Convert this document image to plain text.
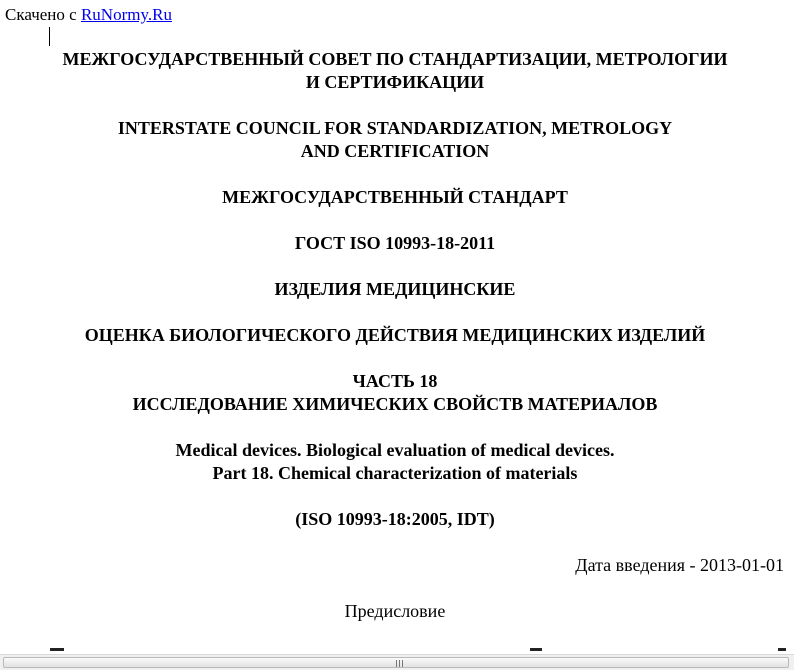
Скачено с RuNormy.Ru
МЕЖГОСУДАРСТВЕННЫЙ СОВЕТ ПО СТАНДАРТИЗАЦИИ, МЕТРОЛОГИИ
И СЕРТИФИКАЦИИ
INTERSTATE COUNCIL FOR STANDARDIZATION, METROLOGY
AND CERTIFICATION
МЕЖГОСУДАРСТВЕННЫЙ СТАНДАРТ
ГОСТ ISO 10993-18-2011
ИЗДЕЛИЯ МЕДИЦИНСКИЕ
ОЦЕНКА БИОЛОГИЧЕСКОГО ДЕЙСТВИЯ МЕДИЦИНСКИХ ИЗДЕЛИЙ
ЧАСТЬ 18
ИССЛЕДОВАНИЕ ХИМИЧЕСКИХ СВОЙСТВ МАТЕРИАЛОВ
Medical devices. Biological evaluation of medical devices.
Part 18. Chemical characterization of materials
(ISO 10993-18:2005, IDT)
Дата введения - 2013-01-01
Предисловие
